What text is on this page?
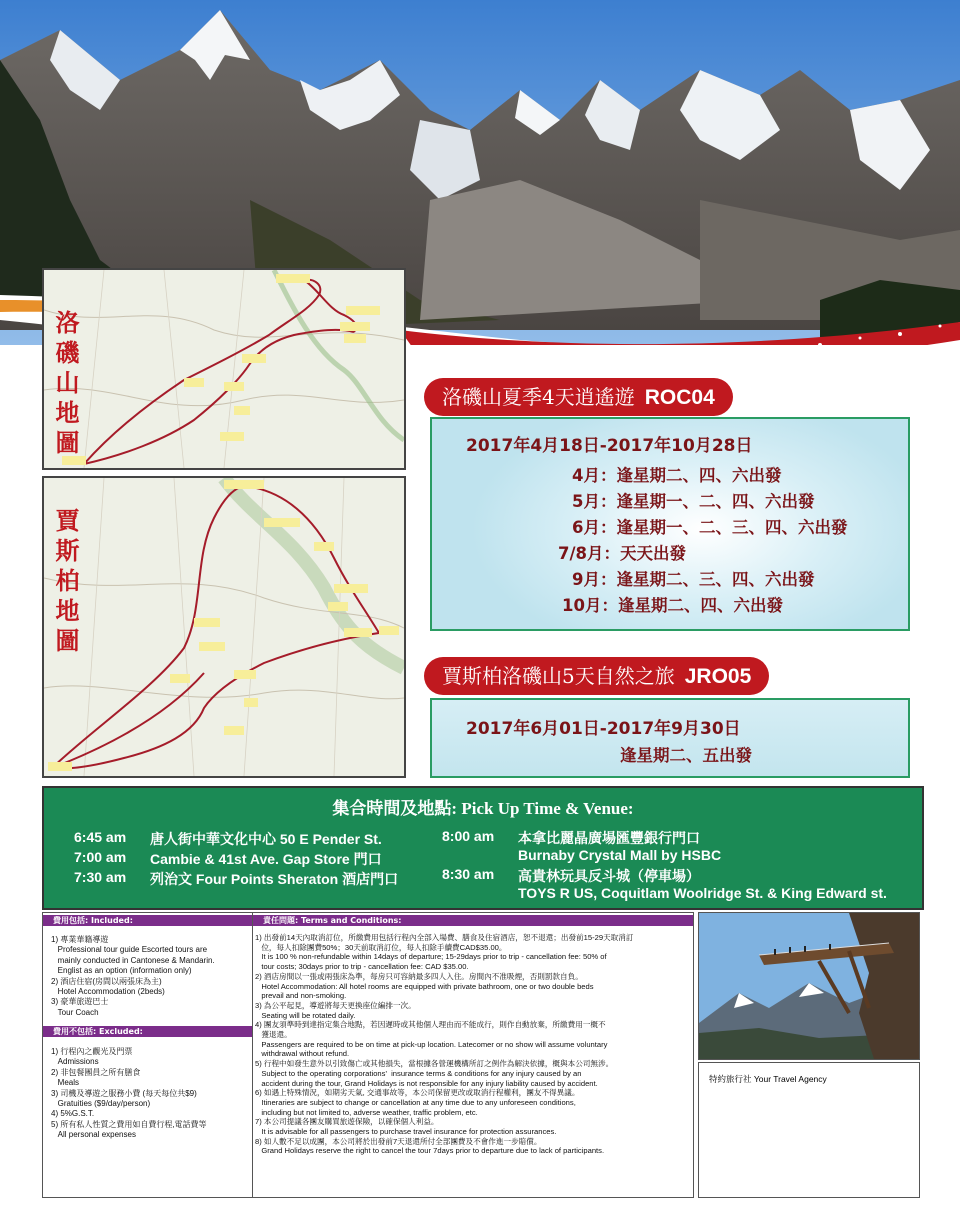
洛磯山地圖
賈斯柏地圖
洛磯山夏季4天逍遙遊 ROC04
2017年4月18日-2017年10月28日
4月：逢星期二、四、六出發
5月：逢星期一、二、四、六出發
6月：逢星期一、二、三、四、六出發
7/8月：天天出發
9月：逢星期二、三、四、六出發
10月：逢星期二、四、六出發
賈斯柏洛磯山5天自然之旅 JRO05
2017年6月01日-2017年9月30日
逢星期二、五出發
集合時間及地點: Pick Up Time & Venue:
6:45 am 唐人街中華文化中心 50 E Pender St.
7:00 am Cambie & 41st Ave. Gap Store 門口
7:30 am 列治文 Four Points Sheraton 酒店門口
8:00 am 本拿比麗晶廣場匯豐銀行門口
Burnaby Crystal Mall by HSBC
8:30 am 高貴林玩具反斗城（停車場）
TOYS R US, Coquitlam Woolridge St. & King Edward st.
費用包括: Included:
1) 專業華籍導遊
Professional tour guide Escorted tours are
mainly conducted in Cantonese & Mandarin.
Englist as an option (information only)
2) 酒店住宿(房間以兩張床為主)
Hotel Accommodation (2beds)
3) 豪華旅遊巴士
Tour Coach
費用不包括: Excluded:
1) 行程內之觀光及門票
Admissions
2) 非包餐團員之所有膳食
Meals
3) 司機及導遊之服務小費 (每天每位共$9)
Gratuities ($9/day/person)
4) 5%G.S.T.
5) 所有私人性質之費用如自費行程,電話費等
All personal expenses
責任問題: Terms and Conditions:
1) 出發前14天內取消訂位，所繳費用包括行程內全部入場費、膳食及住宿酒店，恕不退還；出發前15-29天取消訂
位，每人扣除團費50%；30天前取消訂位，每人扣除手續費CAD$35.00。
It is 100 % non-refundable within 14days of departure; 15-29days prior to trip - cancellation fee: 50% of
tour costs; 30days prior to trip - cancellation fee: CAD $35.00.
2) 酒店房間以一張或兩張床為準，每房只可容納最多四人入住。房間內不准吸煙，否則罰款自負。
Hotel Accommodation: All hotel rooms are equipped with private bathroom, one or two double beds
prevail and non-smoking.
3) 為公平起見，導遊將每天更換座位編排一次。
Seating will be rotated daily.
4) 團友須準時到達指定集合地點，若因遲時或其他個人理由而不能成行，則作自動放棄，所繳費用一概不
獲退還。
Passengers are required to be on time at pick-up location. Latecomer or no show will assume voluntary
withdrawal without refund.
5) 行程中如發生意外以引致傷亡或其他損失，當根據各營運機構所訂之例作為解決依據，概與本公司無涉。
Subject to the operating corporations'  insurance terms & conditions for any injury caused by an
accident during the tour, Grand Holidays is not responsible for any injury liability caused by accident.
6) 如遇上特殊情況，如期劣天氣, 交通事故等，本公司保留更改或取消行程權利，團友不得異議。
Itineraries are subject to change or cancellation at any time due to any unforeseen conditions,
including but not limited to, adverse weather, traffic problem, etc.
7) 本公司提議各團友購買旅遊保險，以確保個人利益。
It is advisable for all passengers to purchase travel insurance for protection assurances.
8) 如人數不足以成團，本公司將於出發前7天退還所付全部團費及不會作進一步賠償。
Grand Holidays reserve the right to cancel the tour 7days prior to departure due to lack of participants.
特約旅行社 Your Travel Agency
